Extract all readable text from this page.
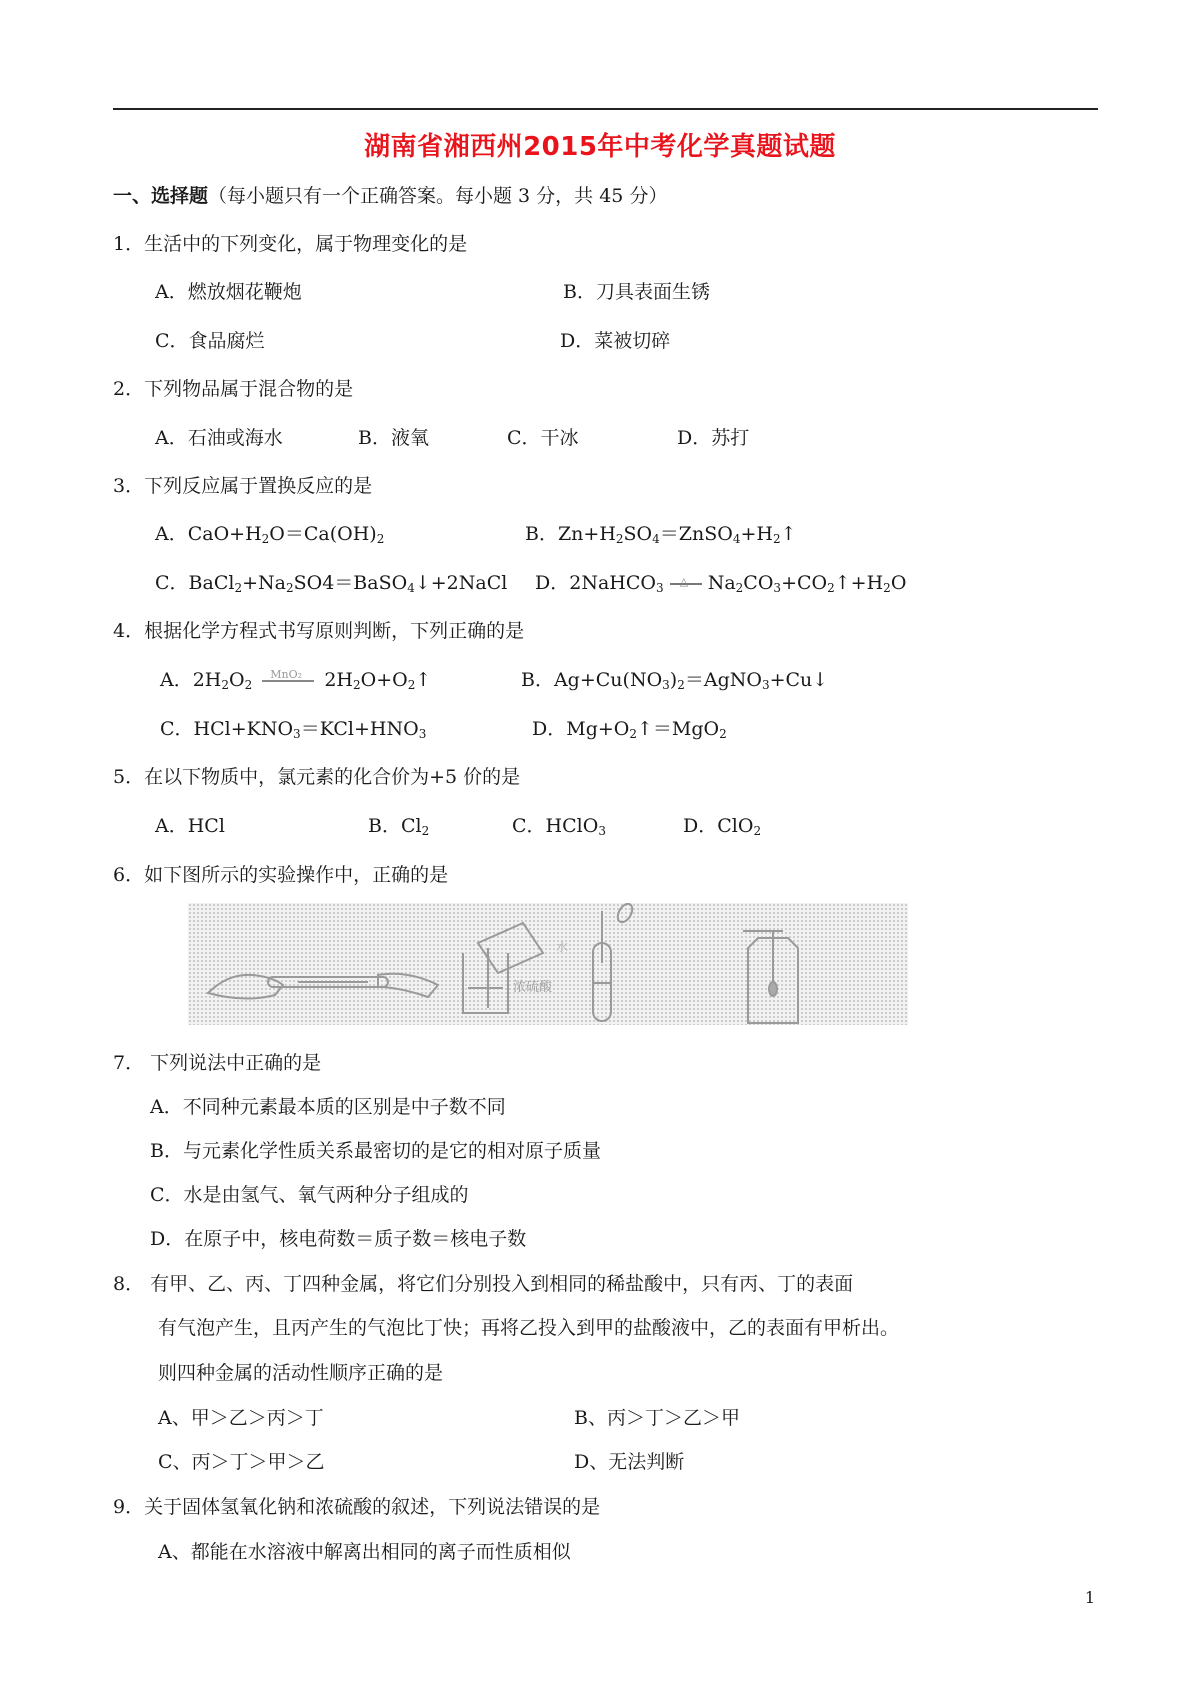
湖南省湘西州2015年中考化学真题试题
一、选择题（每小题只有一个正确答案。每小题 3 分，共 45 分）
1．生活中的下列变化，属于物理变化的是
A．燃放烟花鞭炮	B．刀具表面生锈
C．食品腐烂	D．菜被切碎
2．下列物品属于混合物的是
A．石油或海水	B．液氧	C．干冰	D．苏打
3．下列反应属于置换反应的是
A．$CaO+H_2O=Ca(OH)_2$	B．$Zn+H_2SO_4=ZnSO_4+H_2↑$
C．$BaCl_2+Na_2SO4=BaSO_4↓+2NaCl$ D．2NaHCO$_3$ △ $Na_2CO_3+CO_2↑+H_2O$
4．根据化学方程式书写原则判断，下列正确的是
A．$2H_2O_2$
MnO₂ $2H_2O+O_2↑$	B．$Ag+Cu(NO_3)_2=AgNO_3+Cu↓$
C．$HCl+KNO_3=KCl+HNO_3$	D．$Mg+O_2↑=MgO_2$
5．在以下物质中，氯元素的化合价为+5 价的是
A．HCl	B．$Cl_2$	C．HClO$_3$	D．ClO$_2$
6．如下图所示的实验操作中，正确的是
浓硫酸
水
7． 下列说法中正确的是
A．不同种元素最本质的区别是中子数不同
B．与元素化学性质关系最密切的是它的相对原子质量
C．水是由氢气、氧气两种分子组成的
D．在原子中，核电荷数＝质子数＝核电子数
8． 有甲、乙、丙、丁四种金属，将它们分别投入到相同的稀盐酸中，只有丙、丁的表面
有气泡产生，且丙产生的气泡比丁快；再将乙投入到甲的盐酸液中，乙的表面有甲析出。
则四种金属的活动性顺序正确的是
A、甲＞乙＞丙＞丁	B、丙＞丁＞乙＞甲
C、丙＞丁＞甲＞乙	D、无法判断
9．关于固体氢氧化钠和浓硫酸的叙述，下列说法错误的是
A、都能在水溶液中解离出相同的离子而性质相似
1
